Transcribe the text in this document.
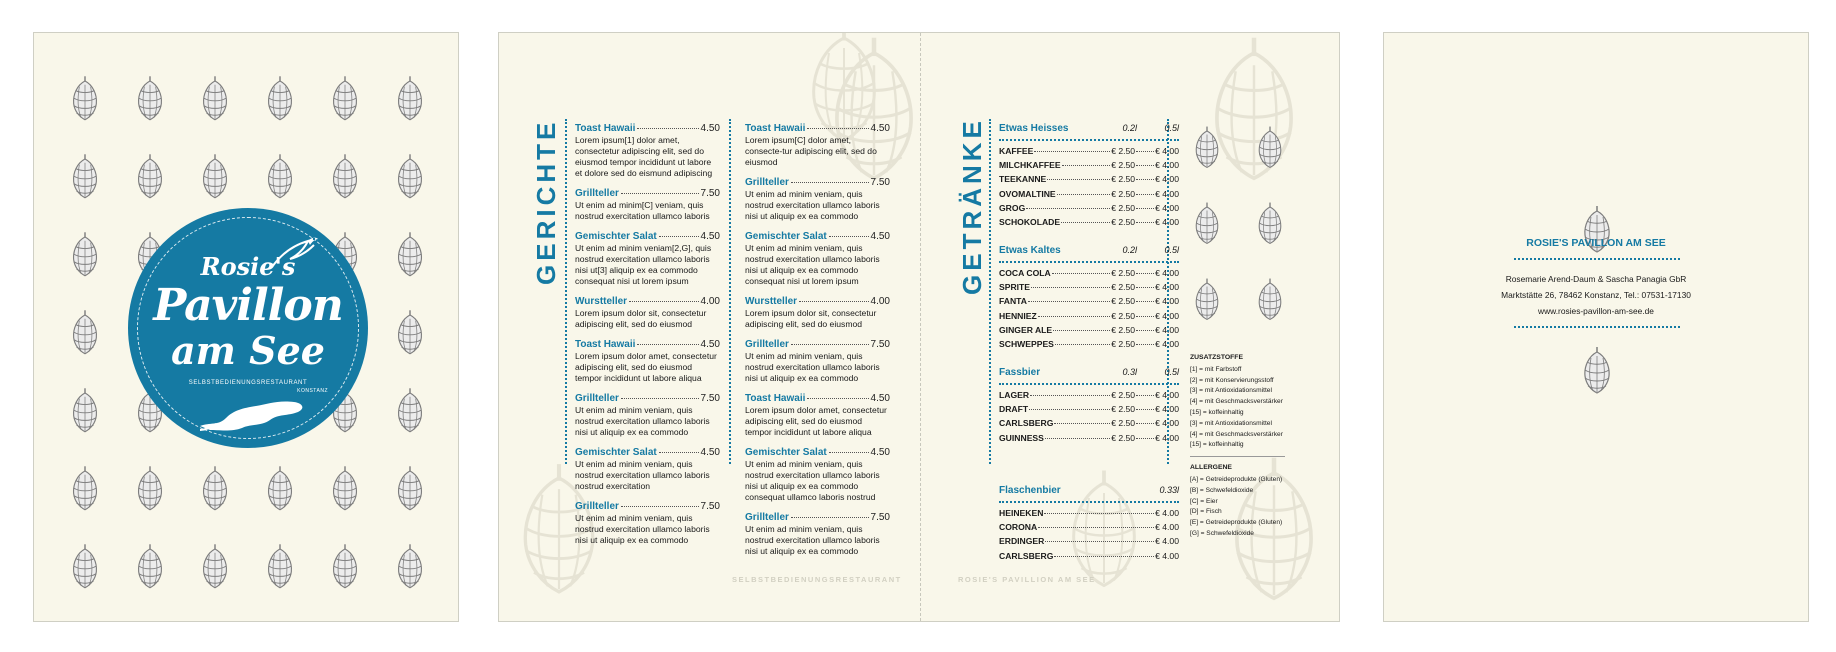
Rosie's
Pavillon
am See
SELBSTBEDIENUNGSRESTAURANT
KONSTANZ
GERICHTE Toast Hawaii	4.50
Lorem ipsum[1] dolor amet, consectetur adipiscing elit, sed do eiusmod tempor incididunt ut labore et dolore sed do eismund adipiscing
Grillteller	7.50
Ut enim ad minim[C] veniam, quis nostrud exercitation ullamco laboris
Gemischter Salat	4.50
Ut enim ad minim veniam[2,G], quis nostrud exercitation ullamco laboris nisi ut[3] aliquip ex ea commodo consequat nisi ut lorem ipsum
Wurstteller	4.00
Lorem ipsum dolor sit, consectetur adipiscing elit, sed do eiusmod
Toast Hawaii	4.50
Lorem ipsum dolor amet, consectetur adipiscing elit, sed do eiusmod tempor incididunt ut labore aliqua
Grillteller	7.50
Ut enim ad minim veniam, quis nostrud exercitation ullamco laboris nisi ut aliquip ex ea commodo
Gemischter Salat	4.50
Ut enim ad minim veniam, quis nostrud exercitation ullamco laboris nostrud exercitation
Grillteller	7.50
Ut enim ad minim veniam, quis nostrud exercitation ullamco laboris nisi ut aliquip ex ea commodo
Toast Hawaii	4.50
Lorem ipsum[C] dolor amet, consecte-tur adipiscing elit, sed do eiusmod
Grillteller	7.50
Ut enim ad minim veniam, quis nostrud exercitation ullamco laboris nisi ut aliquip ex ea commodo
Gemischter Salat	4.50
Ut enim ad minim veniam, quis nostrud exercitation ullamco laboris nisi ut aliquip ex ea commodo consequat nisi ut lorem ipsum
Wurstteller	4.00
Lorem ipsum dolor sit, consectetur adipiscing elit, sed do eiusmod
Grillteller	7.50
Ut enim ad minim veniam, quis nostrud exercitation ullamco laboris nisi ut aliquip ex ea commodo
Toast Hawaii	4.50
Lorem ipsum dolor amet, consectetur adipiscing elit, sed do eiusmod tempor incididunt ut labore aliqua
Gemischter Salat	4.50
Ut enim ad minim veniam, quis nostrud exercitation ullamco laboris nisi ut aliquip ex ea commodo consequat ullamco laboris nostrud
Grillteller	7.50
Ut enim ad minim veniam, quis nostrud exercitation ullamco laboris nisi ut aliquip ex ea commodo
SELBSTBEDIENUNGSRESTAURANT
GETRÄNKE Etwas Heisses	0.2l	0.5l
KAFFEE	€ 2.50 € 4.00
MILCHKAFFEE	€ 2.50 € 4.00
TEEKANNE	€ 2.50 € 4.00
OVOMALTINE	€ 2.50 € 4.00
GROG	€ 2.50 € 4.00
SCHOKOLADE	€ 2.50 € 4.00
Etwas Kaltes	0.2l	0.5l
COCA COLA	€ 2.50 € 4.00
SPRITE	€ 2.50 € 4.00
FANTA	€ 2.50 € 4.00
HENNIEZ	€ 2.50 € 4.00
GINGER ALE	€ 2.50 € 4.00
SCHWEPPES	€ 2.50 € 4.00
Fassbier	0.3l	0.5l
LAGER	€ 2.50 € 4.00
DRAFT	€ 2.50 € 4.00
CARLSBERG	€ 2.50 € 4.00
GUINNESS	€ 2.50 € 4.00
Flaschenbier	0.33l
HEINEKEN	€ 4.00
CORONA	€ 4.00
ERDINGER	€ 4.00
CARLSBERG	€ 4.00
ZUSATZSTOFFE
[1] = mit Farbstoff
[2] = mit Konservierungsstoff
[3] = mit Antioxidationsmittel
[4] = mit Geschmacksverstärker
[15] = koffeinhaltig
[3] = mit Antioxidationsmittel
[4] = mit Geschmacksverstärker
[15] = koffeinhaltig
ALLERGENE
[A] = Getreideprodukte (Gluten)
[B] = Schwefeldioxide
[C] = Eier
[D] = Fisch
[E] = Getreideprodukte (Gluten)
[G] = Schwefeldioxide
ROSIE'S PAVILLION AM SEE
ROSIE'S PAVILLON AM SEE
Rosemarie Arend-Daum & Sascha Panagia GbR
Marktstätte 26, 78462 Konstanz, Tel.: 07531-17130
www.rosies-pavillon-am-see.de
